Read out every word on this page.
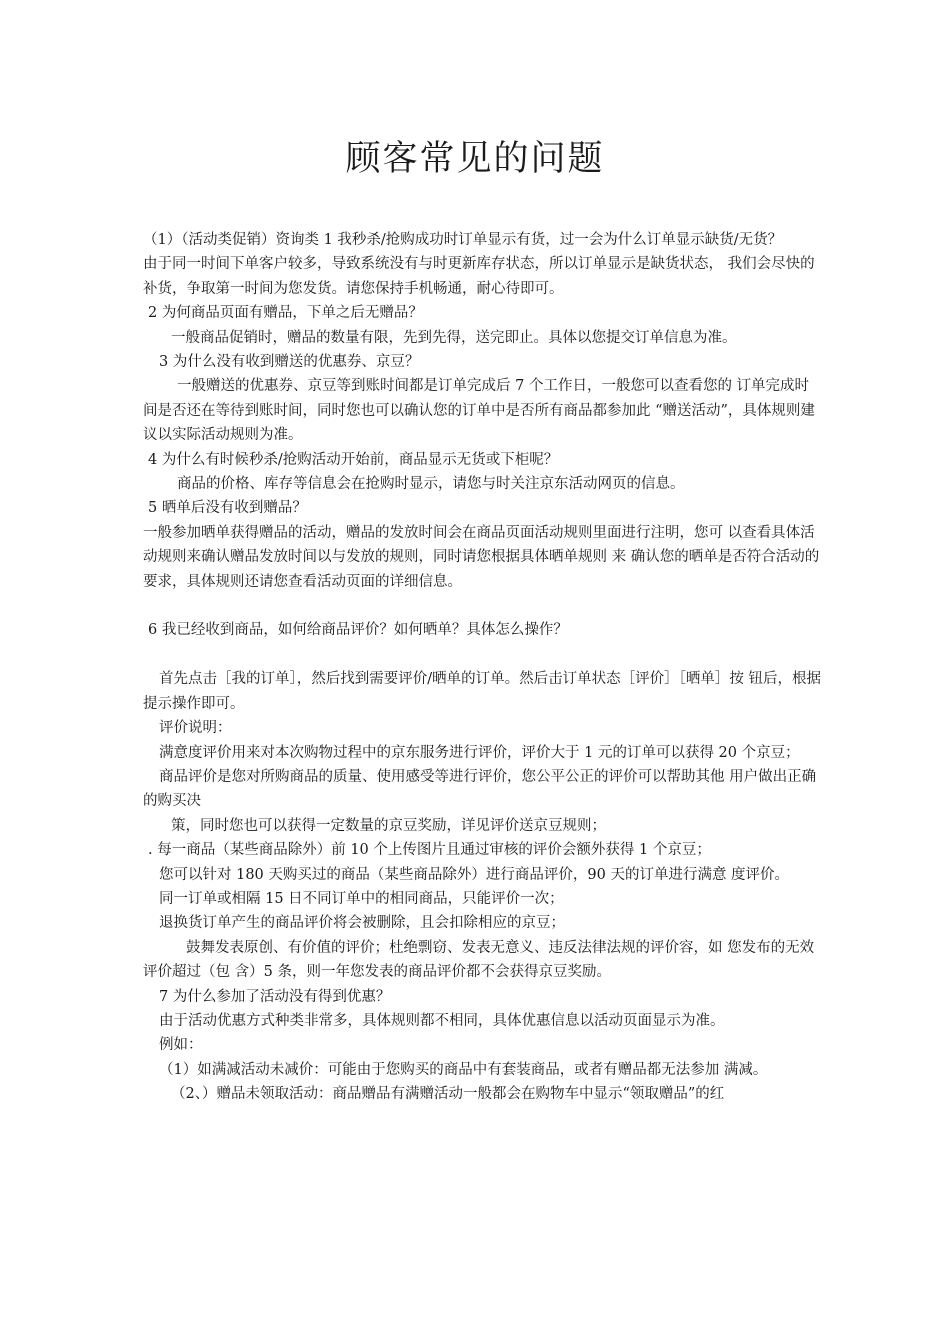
顾客常见的问题

（1）（活动类促销）资询类 1 我秒杀/抢购成功时订单显示有货，过一会为什么订单显示缺货/无货？

由于同一时间下单客户较多，导致系统没有与时更新库存状态，所以订单显示是缺货状态， 我们会尽快的补货，争取第一时间为您发货。请您保持手机畅通，耐心待即可。

2 为何商品页面有赠品，下单之后无赠品？

一般商品促销时，赠品的数量有限，先到先得，送完即止。具体以您提交订单信息为准。

3 为什么没有收到赠送的优惠券、京豆？

一般赠送的优惠券、京豆等到账时间都是订单完成后 7 个工作日，一般您可以查看您的 订单完成时间是否还在等待到账时间，同时您也可以确认您的订单中是否所有商品都参加此 “赠送活动”，具体规则建议以实际活动规则为准。

4 为什么有时候秒杀/抢购活动开始前，商品显示无货或下柜呢？

商品的价格、库存等信息会在抢购时显示，请您与时关注京东活动网页的信息。

5 晒单后没有收到赠品？

一般参加晒单获得赠品的活动，赠品的发放时间会在商品页面活动规则里面进行注明，您可 以查看具体活动规则来确认赠品发放时间以与发放的规则，同时请您根据具体晒单规则 来 确认您的晒单是否符合活动的要求，具体规则还请您查看活动页面的详细信息。

6 我已经收到商品，如何给商品评价？如何晒单？具体怎么操作？

首先点击［我的订单］，然后找到需要评价/晒单的订单。然后击订单状态［评价］［晒单］按 钮后，根据提示操作即可。

评价说明：

满意度评价用来对本次购物过程中的京东服务进行评价，评价大于 1 元的订单可以获得 20 个京豆；

商品评价是您对所购商品的质量、使用感受等进行评价，您公平公正的评价可以帮助其他 用户做出正确的购买决

策，同时您也可以获得一定数量的京豆奖励，详见评价送京豆规则；

. 每一商品（某些商品除外）前 10 个上传图片且通过审核的评价会额外获得 1 个京豆；

您可以针对 180 天购买过的商品（某些商品除外）进行商品评价，90 天的订单进行满意 度评价。

同一订单或相隔 15 日不同订单中的相同商品，只能评价一次；

退换货订单产生的商品评价将会被删除，且会扣除相应的京豆；

鼓舞发表原创、有价值的评价；杜绝剽窃、发表无意义、违反法律法规的评价容，如 您发布的无效评价超过（包 含）5 条，则一年您发表的商品评价都不会获得京豆奖励。

7 为什么参加了活动没有得到优惠？

由于活动优惠方式种类非常多，具体规则都不相同，具体优惠信息以活动页面显示为准。

例如：

（1）如满减活动未减价：可能由于您购买的商品中有套装商品，或者有赠品都无法参加 满减。

（2、）赠品未领取活动：商品赠品有满赠活动一般都会在购物车中显示“领取赠品”的红
